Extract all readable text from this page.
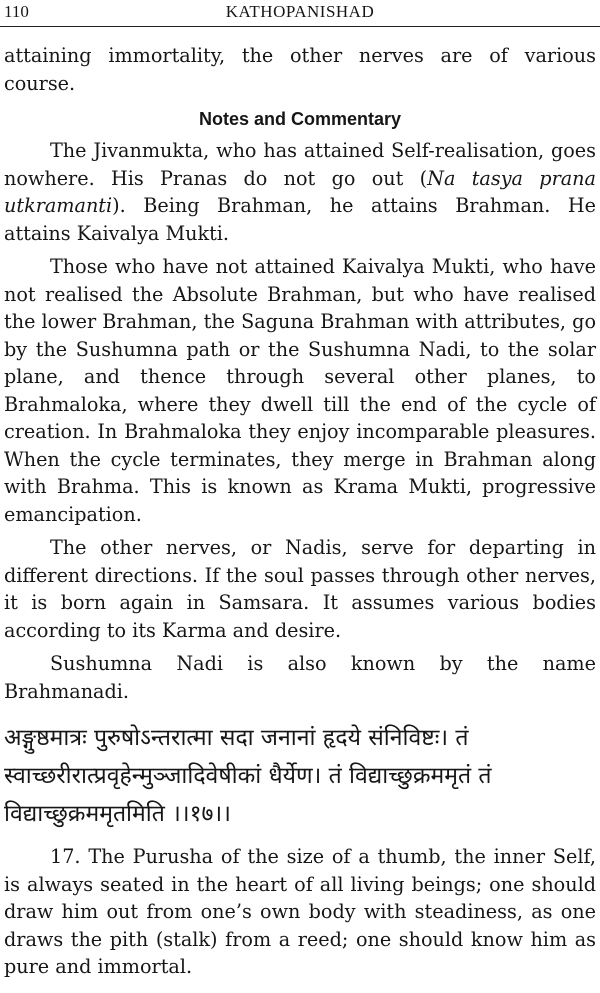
110	KATHOPANISHAD

attaining immortality, the other nerves are of various course.

Notes and Commentary

The Jivanmukta, who has attained Self-realisation, goes nowhere. His Pranas do not go out (Na tasya prana utkramanti). Being Brahman, he attains Brahman. He attains Kaivalya Mukti.

Those who have not attained Kaivalya Mukti, who have not realised the Absolute Brahman, but who have realised the lower Brahman, the Saguna Brahman with attributes, go by the Sushumna path or the Sushumna Nadi, to the solar plane, and thence through several other planes, to Brahmaloka, where they dwell till the end of the cycle of creation. In Brahmaloka they enjoy incomparable pleasures. When the cycle terminates, they merge in Brahman along with Brahma. This is known as Krama Mukti, progressive emancipation.

The other nerves, or Nadis, serve for departing in different directions. If the soul passes through other nerves, it is born again in Samsara. It assumes various bodies according to its Karma and desire.

Sushumna Nadi is also known by the name Brahmanadi.

अङ्गुष्ठमात्रः पुरुषोऽन्तरात्मा सदा जनानां हृदये संनिविष्टः। तं
स्वाच्छरीरात्प्रवृहेन्मुञ्जादिवेषीकां धैर्येण। तं विद्याच्छुक्रममृतं तं
विद्याच्छुक्रममृतमिति ।।१७।।

17. The Purusha of the size of a thumb, the inner Self, is always seated in the heart of all living beings; one should draw him out from one’s own body with steadiness, as one draws the pith (stalk) from a reed; one should know him as pure and immortal.
